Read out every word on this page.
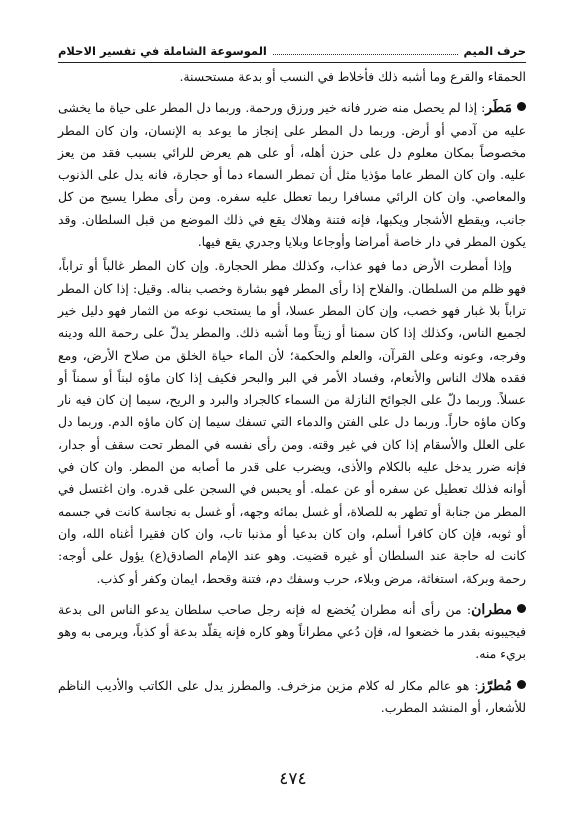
حرف الميم
الموسوعة الشاملة في تفسير الاحلام

الحمقاء والقرع وما أشبه ذلك فأخلاط في النسب أو بدعة مستحسنة.

مَطَر: إذا لم يحصل منه ضرر فانه خير ورزق ورحمة. وربما دل المطر على حياة ما يخشى عليه من آدمي أو أرض. وربما دل المطر على إنجاز ما يوعد به الإنسان، وان كان المطر مخصوصاً بمكان معلوم دل على حزن أهله، أو على هم يعرض للرائي بسبب فقد من يعز عليه. وان كان المطر عاما مؤذيا مثل أن تمطر السماء دما أو حجارة، فانه يدل على الذنوب والمعاصي. وان كان الرائي مسافرا ربما تعطل عليه سفره. ومن رأى مطرا يسيح من كل جانب، ويقطع الأشجار ويكبها، فإنه فتنة وهلاك يقع في ذلك الموضع من قبل السلطان. وقد يكون المطر في دار خاصة أمراضا وأوجاعا وبلايا وجدري يقع فيها.

وإذا أمطرت الأرض دما فهو عذاب، وكذلك مطر الحجارة. وإن كان المطر غالباً أو تراباً، فهو ظلم من السلطان. والفلاح إذا رأى المطر فهو بشارة وخصب بناله. وقيل: إذا كان المطر تراباً بلا غبار فهو خصب، وإن كان المطر عسلا، أو ما يستحب نوعه من الثمار فهو دليل خير لجميع الناس، وكذلك إذا كان سمنا أو زيتاً وما أشبه ذلك. والمطر يدلّ على رحمة الله ودينه وفرجه، وعونه وعلى القرآن، والعلم والحكمة؛ لأن الماء حياة الخلق من صلاح الأرض، ومع فقده هلاك الناس والأنعام، وفساد الأمر في البر والبحر فكيف إذا كان ماؤه لبناً أو سمناً أو عسلاً. وربما دلّ على الجوائح النازلة من السماء كالجراد والبرد و الريح، سيما إن كان فيه نار وكان ماؤه حاراً. وربما دل على الفتن والدماء التي تسفك سيما إن كان ماؤه الدم. وربما دل على العلل والأسقام إذا كان في غير وقته. ومن رأى نفسه في المطر تحت سقف أو جدار، فإنه ضرر يدخل عليه بالكلام والأذى، ويضرب على قدر ما أصابه من المطر. وان كان في أوانه فذلك تعطيل عن سفره أو عن عمله. أو يحبس في السجن على قدره. وان اغتسل في المطر من جنابة أو تطهر به للصلاة، أو غسل بمائه وجهه، أو غسل به نجاسة كانت في جسمه أو ثوبه، فإن كان كافرا أسلم، وان كان بدعيا أو مذنبا تاب، وان كان فقيرا أغناه الله، وان كانت له حاجة عند السلطان أو غيره قضيت. وهو عند الإمام الصادق(ع) يؤول على أوجه: رحمة وبركة، استغاثة، مرض وبلاء، حرب وسفك دم، فتنة وقحط، ايمان وكفر أو كذب.

مطران: من رأى أنه مطران يُخضع له فإنه رجل صاحب سلطان يدعو الناس الى بدعة فيجيبونه بقدر ما خضعوا له، فإن دُعي مطراناً وهو كاره فإنه يقلّد بدعة أو كذباً، ويرمى به وهو بريء منه.

مُطرّز: هو عالم مكار له كلام مزين مزخرف. والمطرز يدل على الكاتب والأديب الناظم للأشعار، أو المنشد المطرب.

٤٧٤
